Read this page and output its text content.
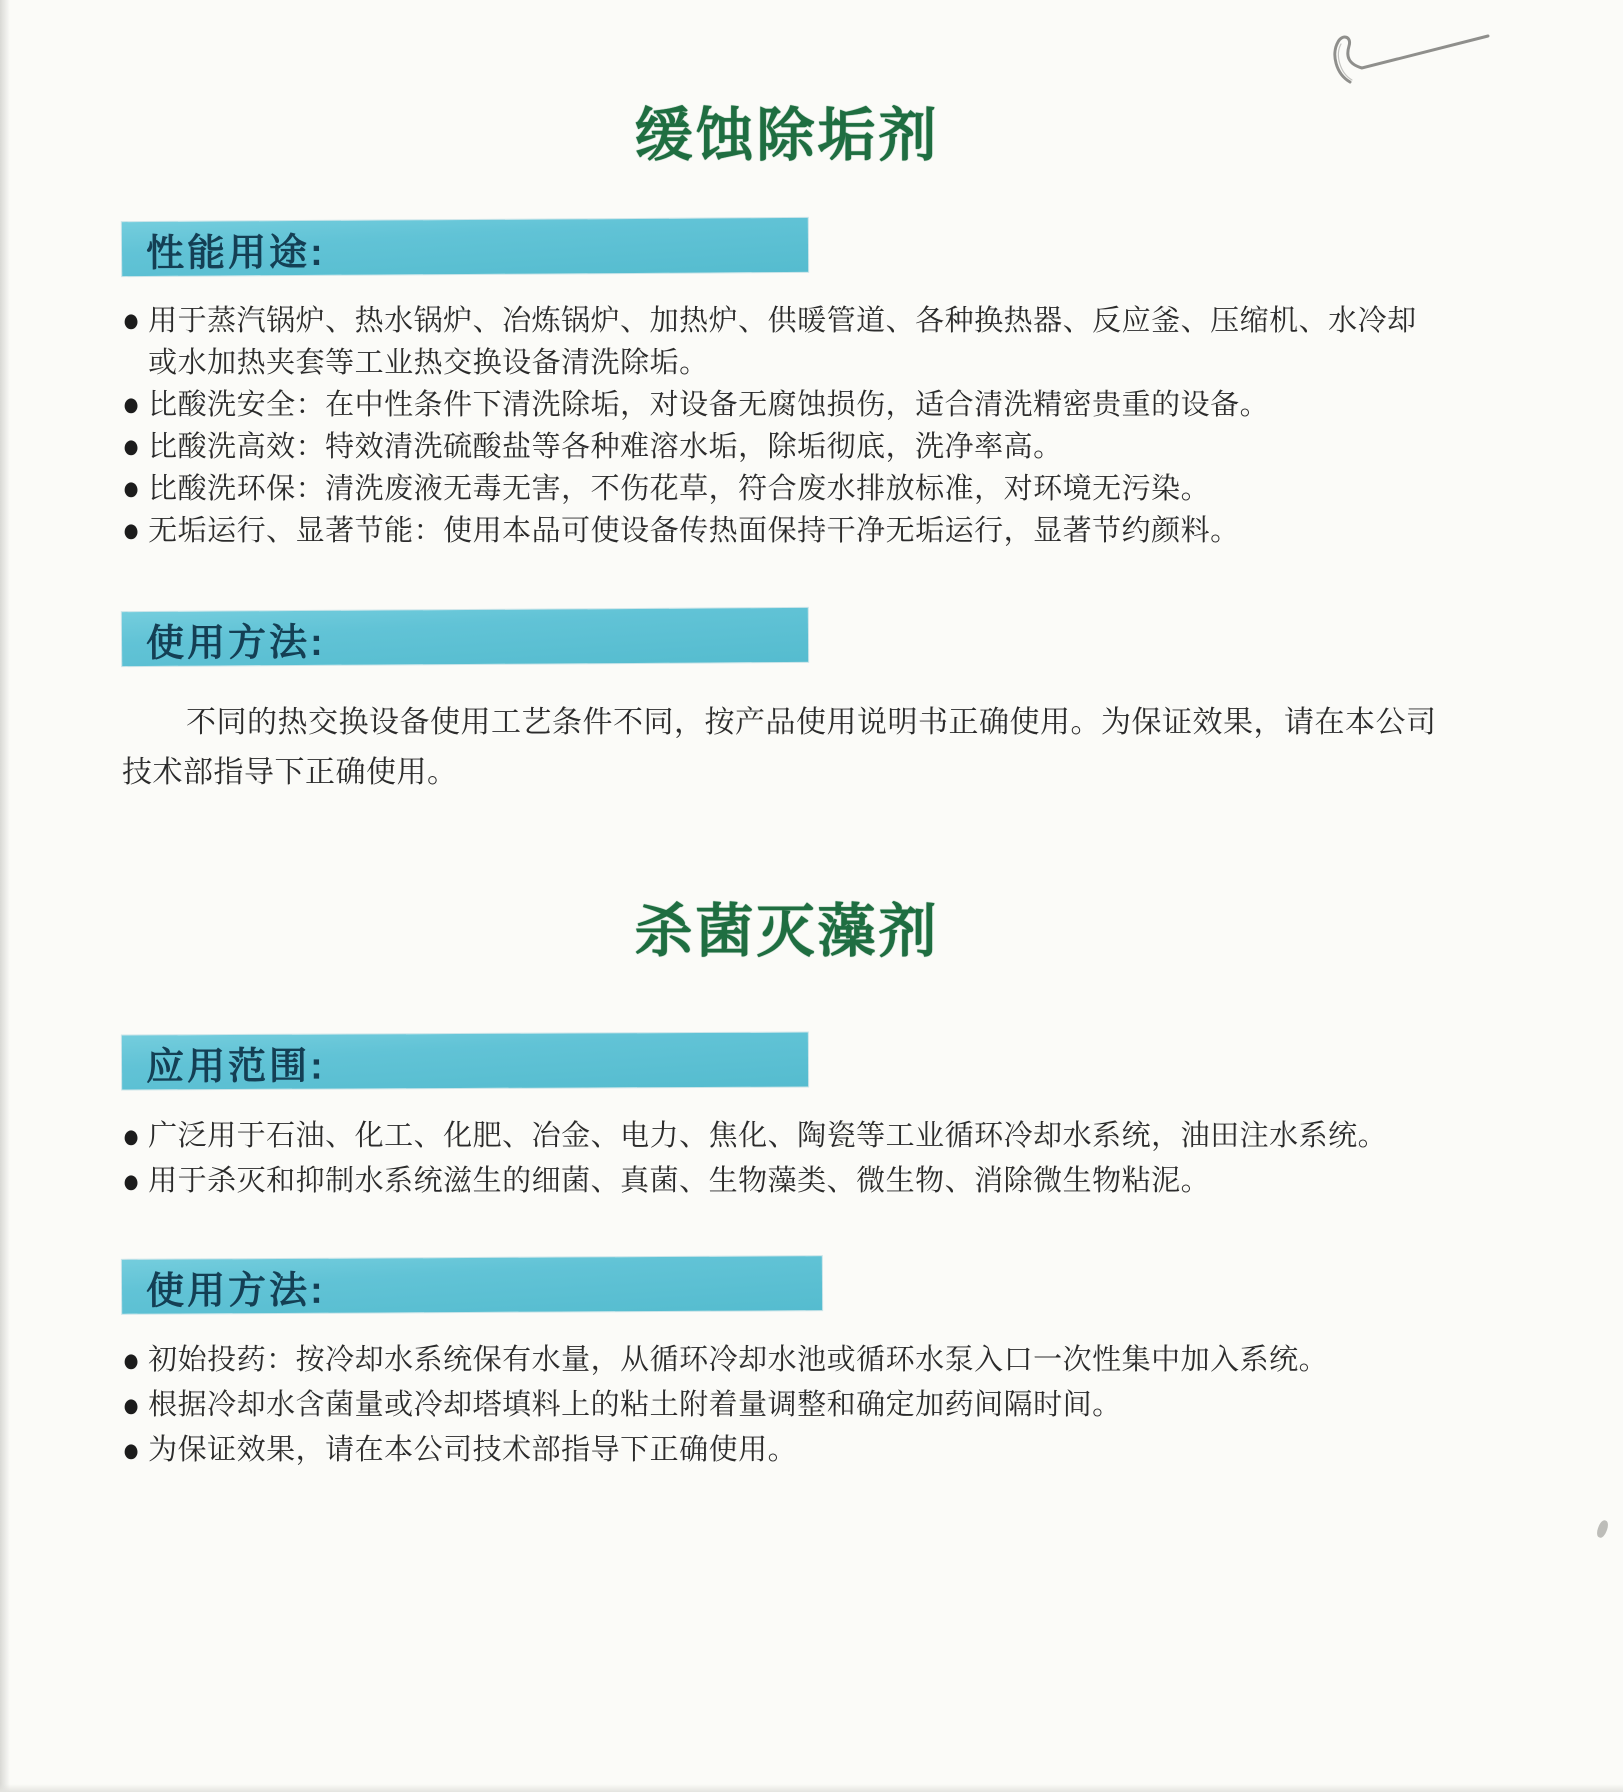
缓蚀除垢剂
性能用途:
● 用于蒸汽锅炉、热水锅炉、冶炼锅炉、加热炉、供暖管道、各种换热器、反应釜、压缩机、水冷却或水加热夹套等工业热交换设备清洗除垢。
● 比酸洗安全：在中性条件下清洗除垢，对设备无腐蚀损伤，适合清洗精密贵重的设备。
● 比酸洗高效：特效清洗硫酸盐等各种难溶水垢，除垢彻底，洗净率高。
● 比酸洗环保：清洗废液无毒无害，不伤花草，符合废水排放标准，对环境无污染。
● 无垢运行、显著节能：使用本品可使设备传热面保持干净无垢运行，显著节约颜料。
使用方法:

不同的热交换设备使用工艺条件不同，按产品使用说明书正确使用。为保证效果，请在本公司技术部指导下正确使用。

杀菌灭藻剂
应用范围:
● 广泛用于石油、化工、化肥、冶金、电力、焦化、陶瓷等工业循环冷却水系统，油田注水系统。
● 用于杀灭和抑制水系统滋生的细菌、真菌、生物藻类、微生物、消除微生物粘泥。
使用方法:
● 初始投药：按冷却水系统保有水量，从循环冷却水池或循环水泵入口一次性集中加入系统。
● 根据冷却水含菌量或冷却塔填料上的粘土附着量调整和确定加药间隔时间。
● 为保证效果，请在本公司技术部指导下正确使用。
